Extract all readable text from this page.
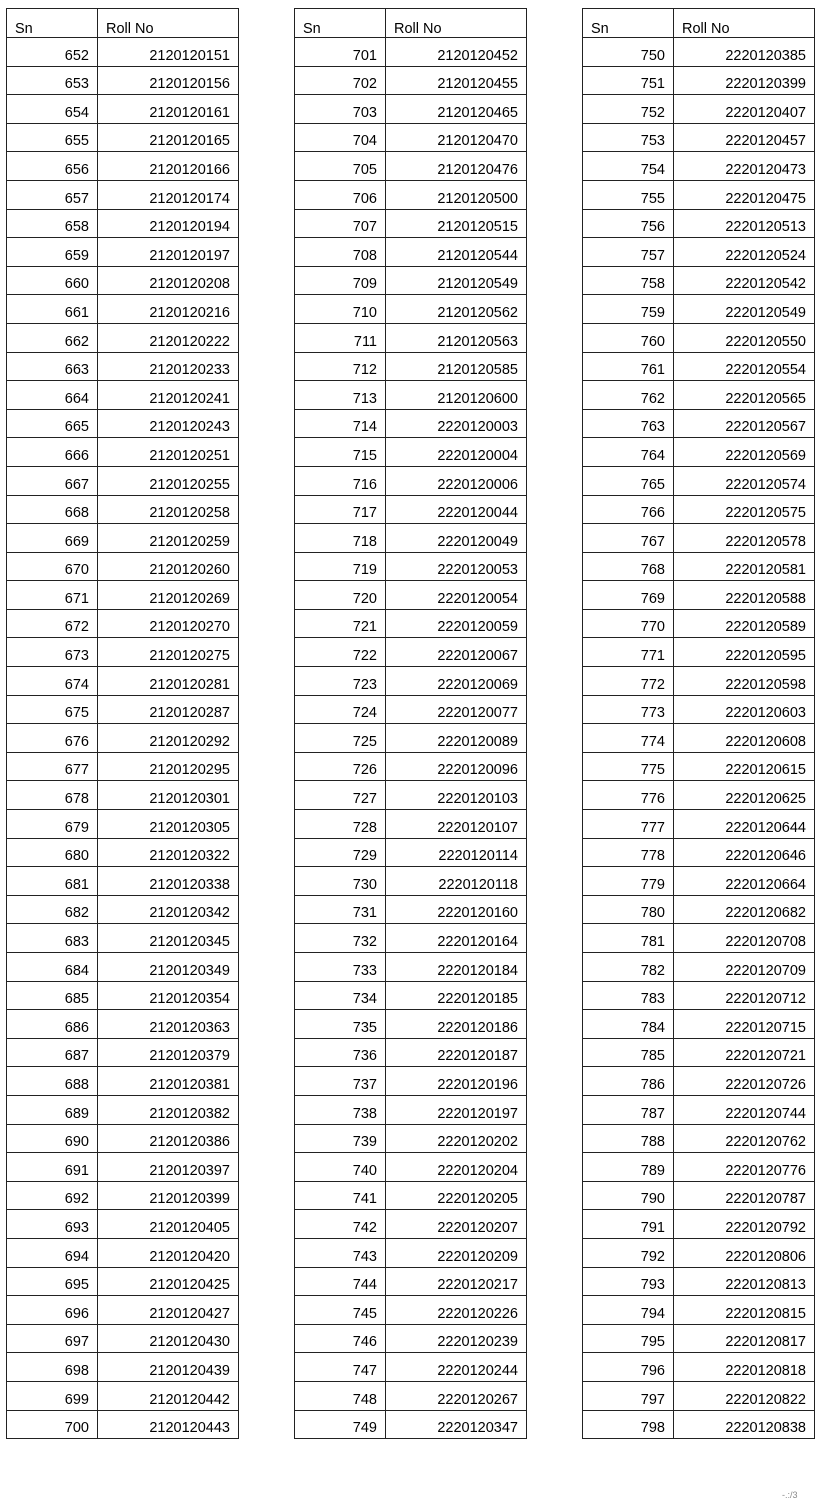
Sn	Roll No
652	2120120151
653	2120120156
654	2120120161
655	2120120165
656	2120120166
657	2120120174
658	2120120194
659	2120120197
660	2120120208
661	2120120216
662	2120120222
663	2120120233
664	2120120241
665	2120120243
666	2120120251
667	2120120255
668	2120120258
669	2120120259
670	2120120260
671	2120120269
672	2120120270
673	2120120275
674	2120120281
675	2120120287
676	2120120292
677	2120120295
678	2120120301
679	2120120305
680	2120120322
681	2120120338
682	2120120342
683	2120120345
684	2120120349
685	2120120354
686	2120120363
687	2120120379
688	2120120381
689	2120120382
690	2120120386
691	2120120397
692	2120120399
693	2120120405
694	2120120420
695	2120120425
696	2120120427
697	2120120430
698	2120120439
699	2120120442
700	2120120443
Sn	Roll No
701	2120120452
702	2120120455
703	2120120465
704	2120120470
705	2120120476
706	2120120500
707	2120120515
708	2120120544
709	2120120549
710	2120120562
711	2120120563
712	2120120585
713	2120120600
714	2220120003
715	2220120004
716	2220120006
717	2220120044
718	2220120049
719	2220120053
720	2220120054
721	2220120059
722	2220120067
723	2220120069
724	2220120077
725	2220120089
726	2220120096
727	2220120103
728	2220120107
729	2220120114
730	2220120118
731	2220120160
732	2220120164
733	2220120184
734	2220120185
735	2220120186
736	2220120187
737	2220120196
738	2220120197
739	2220120202
740	2220120204
741	2220120205
742	2220120207
743	2220120209
744	2220120217
745	2220120226
746	2220120239
747	2220120244
748	2220120267
749	2220120347
Sn	Roll No
750	2220120385
751	2220120399
752	2220120407
753	2220120457
754	2220120473
755	2220120475
756	2220120513
757	2220120524
758	2220120542
759	2220120549
760	2220120550
761	2220120554
762	2220120565
763	2220120567
764	2220120569
765	2220120574
766	2220120575
767	2220120578
768	2220120581
769	2220120588
770	2220120589
771	2220120595
772	2220120598
773	2220120603
774	2220120608
775	2220120615
776	2220120625
777	2220120644
778	2220120646
779	2220120664
780	2220120682
781	2220120708
782	2220120709
783	2220120712
784	2220120715
785	2220120721
786	2220120726
787	2220120744
788	2220120762
789	2220120776
790	2220120787
791	2220120792
792	2220120806
793	2220120813
794	2220120815
795	2220120817
796	2220120818
797	2220120822
798	2220120838
-.:/3
